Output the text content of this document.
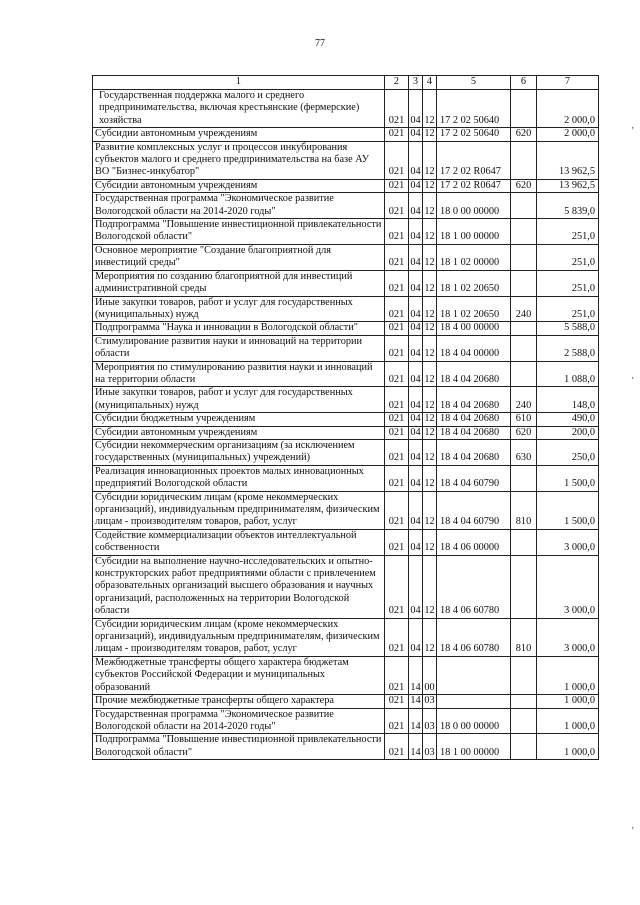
77
1	2	3	4	5	6	7
Государственная поддержка малого и среднего предпринимательства, включая крестьянские (фермерские) хозяйства	021	04	12	17 2 02 50640		2 000,0
Субсидии автономным учреждениям	021	04	12	17 2 02 50640	620	2 000,0
Развитие комплексных услуг и процессов инкубирования субъектов малого и среднего предпринимательства на базе АУ ВО "Бизнес-инкубатор"	021	04	12	17 2 02 R0647		13 962,5
Субсидии автономным учреждениям	021	04	12	17 2 02 R0647	620	13 962,5
Государственная программа "Экономическое развитие Вологодской области на 2014-2020 годы"	021	04	12	18 0 00 00000		5 839,0
Подпрограмма "Повышение инвестиционной привлекательности Вологодской области"	021	04	12	18 1 00 00000		251,0
Основное мероприятие "Создание благоприятной для инвестиций среды"	021	04	12	18 1 02 00000		251,0
Мероприятия по созданию благоприятной для инвестиций административной среды	021	04	12	18 1 02 20650		251,0
Иные закупки товаров, работ и услуг для государственных (муниципальных) нужд	021	04	12	18 1 02 20650	240	251,0
Подпрограмма "Наука и инновации в Вологодской области"	021	04	12	18 4 00 00000		5 588,0
Стимулирование развития науки и инноваций на территории области	021	04	12	18 4 04 00000		2 588,0
Мероприятия по стимулированию развития науки и инноваций на территории области	021	04	12	18 4 04 20680		1 088,0
Иные закупки товаров, работ и услуг для государственных (муниципальных) нужд	021	04	12	18 4 04 20680	240	148,0
Субсидии бюджетным учреждениям	021	04	12	18 4 04 20680	610	490,0
Субсидии автономным учреждениям	021	04	12	18 4 04 20680	620	200,0
Субсидии некоммерческим организациям (за исключением государственных (муниципальных) учреждений)	021	04	12	18 4 04 20680	630	250,0
Реализация инновационных проектов малых инновационных предприятий Вологодской области	021	04	12	18 4 04 60790		1 500,0
Субсидии юридическим лицам (кроме некоммерческих организаций), индивидуальным предпринимателям, физическим лицам - производителям товаров, работ, услуг	021	04	12	18 4 04 60790	810	1 500,0
Содействие коммерциализации объектов интеллектуальной собственности	021	04	12	18 4 06 00000		3 000,0
Субсидии на выполнение научно-исследовательских и опытно-конструкторских работ предприятиями области с привлечением образовательных организаций высшего образования и научных организаций, расположенных на территории Вологодской области	021	04	12	18 4 06 60780		3 000,0
Субсидии юридическим лицам (кроме некоммерческих организаций), индивидуальным предпринимателям, физическим лицам - производителям товаров, работ, услуг	021	04	12	18 4 06 60780	810	3 000,0
Межбюджетные трансферты общего характера бюджетам субъектов Российской Федерации и муниципальных образований	021	14	00			1 000,0
Прочие межбюджетные трансферты общего характера	021	14	03			1 000,0
Государственная программа "Экономическое развитие Вологодской области на 2014-2020 годы"	021	14	03	18 0 00 00000		1 000,0
Подпрограмма "Повышение инвестиционной привлекательности Вологодской области"	021	14	03	18 1 00 00000		1 000,0
,
,
,
